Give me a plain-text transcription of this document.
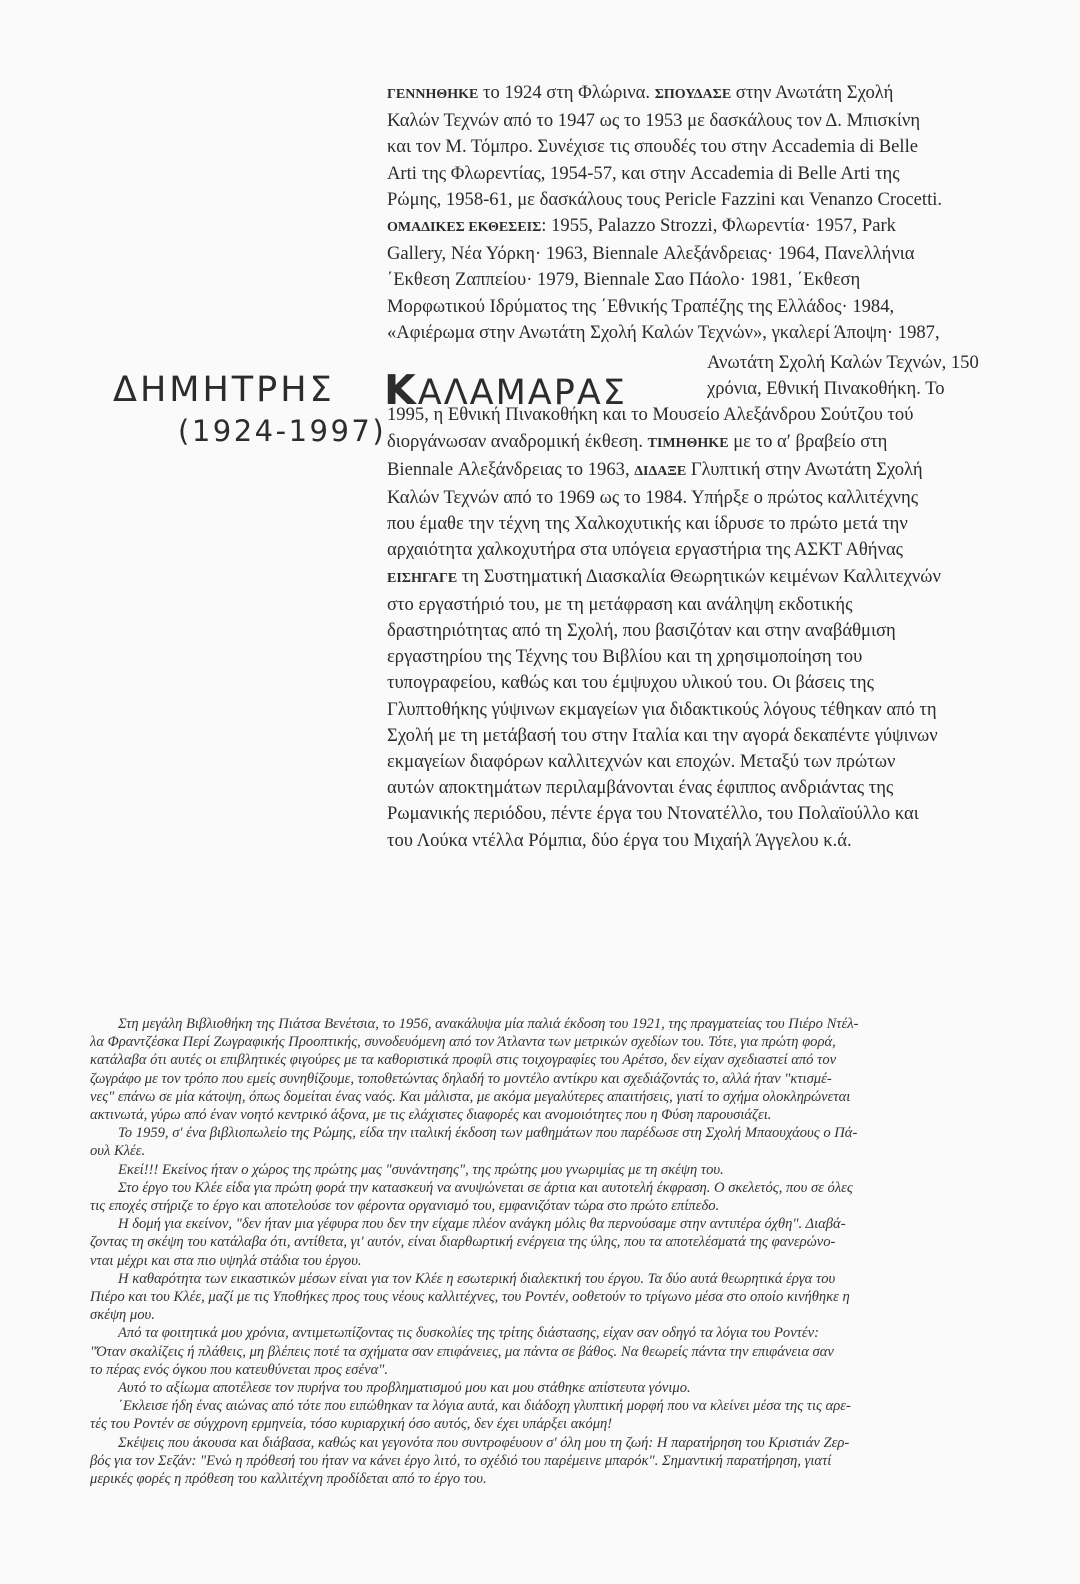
ΔΗΜΗΤΡΗΣ ΚΑΛΑΜΑΡΑΣ
(1924-1997)
ΓΕΝΝΗΘΗΚΕ το 1924 στη Φλώρινα. ΣΠΟΥΔΑΣΕ στην Ανωτάτη Σχολή
Καλών Τεχνών από το 1947 ως το 1953 με δασκάλους τον Δ. Μπισκίνη
και τον Μ. Τόμπρο. Συνέχισε τις σπουδές του στην Accademia di Belle
Arti της Φλωρεντίας, 1954-57, και στην Accademia di Belle Arti της
Ρώμης, 1958-61, με δασκάλους τους Pericle Fazzini και Venanzo Crocetti.
ΟΜΑΔΙΚΕΣ ΕΚΘΕΣΕΙΣ: 1955, Palazzo Strozzi, Φλωρεντία· 1957, Park
Gallery, Νέα Υόρκη· 1963, Biennale Αλεξάνδρειας· 1964, Πανελλήνια
΄Εκθεση Ζαππείου· 1979, Biennale Σαο Πάολο· 1981, ΄Εκθεση
Μορφωτικού Ιδρύματος της ΄Εθνικής Τραπέζης της Ελλάδος· 1984,
«Αφιέρωμα στην Ανωτάτη Σχολή Καλών Τεχνών», γκαλερί Άποψη· 1987,
Ανωτάτη Σχολή Καλών Τεχνών, 150
χρόνια, Εθνική Πινακοθήκη. Το
1995, η Εθνική Πινακοθήκη και το Μουσείο Αλεξάνδρου Σούτζου τού
διοργάνωσαν αναδρομική έκθεση. ΤΙΜΗΘΗΚΕ με το α′ βραβείο στη
Biennale Αλεξάνδρειας το 1963, ΔΙΔΑΞΕ Γλυπτική στην Ανωτάτη Σχολή
Καλών Τεχνών από το 1969 ως το 1984. Υπήρξε ο πρώτος καλλιτέχνης
που έμαθε την τέχνη της Χαλκοχυτικής και ίδρυσε το πρώτο μετά την
αρχαιότητα χαλκοχυτήρα στα υπόγεια εργαστήρια της ΑΣΚΤ Αθήνας
ΕΙΣΗΓΑΓΕ τη Συστηματική Διασκαλία Θεωρητικών κειμένων Καλλιτεχνών
στο εργαστήριό του, με τη μετάφραση και ανάληψη εκδοτικής
δραστηριότητας από τη Σχολή, που βασιζόταν και στην αναβάθμιση
εργαστηρίου της Τέχνης του Βιβλίου και τη χρησιμοποίηση του
τυπογραφείου, καθώς και του έμψυχου υλικού του. Οι βάσεις της
Γλυπτοθήκης γύψινων εκμαγείων για διδακτικούς λόγους τέθηκαν από τη
Σχολή με τη μετάβασή του στην Ιταλία και την αγορά δεκαπέντε γύψινων
εκμαγείων διαφόρων καλλιτεχνών και εποχών. Μεταξύ των πρώτων
αυτών αποκτημάτων περιλαμβάνονται ένας έφιππος ανδριάντας της
Ρωμανικής περιόδου, πέντε έργα του Ντονατέλλο, του Πολαϊούλλο και
του Λούκα ντέλλα Ρόμπια, δύο έργα του Μιχαήλ Άγγελου κ.ά.
Στη μεγάλη Βιβλιοθήκη της Πιάτσα Βενέτσια, το 1956, ανακάλυψα μία παλιά έκδοση του 1921, της πραγματείας του Πιέρο Ντέλ-
λα Φραντζέσκα Περί Ζωγραφικής Προοπτικής, συνοδευόμενη από τον Άτλαντα των μετρικών σχεδίων του. Τότε, για πρώτη φορά,
κατάλαβα ότι αυτές οι επιβλητικές φιγούρες με τα καθοριστικά προφίλ στις τοιχογραφίες του Αρέτσο, δεν είχαν σχεδιαστεί από τον
ζωγράφο με τον τρόπο που εμείς συνηθίζουμε, τοποθετώντας δηλαδή το μοντέλο αντίκρυ και σχεδιάζοντάς το, αλλά ήταν "κτισμέ-
νες" επάνω σε μία κάτοψη, όπως δομείται ένας ναός. Και μάλιστα, με ακόμα μεγαλύτερες απαιτήσεις, γιατί το σχήμα ολοκληρώνεται
ακτινωτά, γύρω από έναν νοητό κεντρικό άξονα, με τις ελάχιστες διαφορές και ανομοιότητες που η Φύση παρουσιάζει.
Το 1959, σ' ένα βιβλιοπωλείο της Ρώμης, είδα την ιταλική έκδοση των μαθημάτων που παρέδωσε στη Σχολή Μπαουχάους ο Πά-
ουλ Κλέε.
Εκεί!!! Εκείνος ήταν ο χώρος της πρώτης μας "συνάντησης", της πρώτης μου γνωριμίας με τη σκέψη του.
Στο έργο του Κλέε είδα για πρώτη φορά την κατασκευή να ανυψώνεται σε άρτια και αυτοτελή έκφραση. Ο σκελετός, που σε όλες
τις εποχές στήριζε το έργο και αποτελούσε τον φέροντα οργανισμό του, εμφανιζόταν τώρα στο πρώτο επίπεδο.
Η δομή για εκείνον, "δεν ήταν μια γέφυρα που δεν την είχαμε πλέον ανάγκη μόλις θα περνούσαμε στην αντιπέρα όχθη". Διαβά-
ζοντας τη σκέψη του κατάλαβα ότι, αντίθετα, γι' αυτόν, είναι διαρθωρτική ενέργεια της ύλης, που τα αποτελέσματά της φανερώνο-
νται μέχρι και στα πιο υψηλά στάδια του έργου.
Η καθαρότητα των εικαστικών μέσων είναι για τον Κλέε η εσωτερική διαλεκτική του έργου. Τα δύο αυτά θεωρητικά έργα του
Πιέρο και του Κλέε, μαζί με τις Υποθήκες προς τους νέους καλλιτέχνες, του Ροντέν, οοθετούν το τρίγωνο μέσα στο οποίο κινήθηκε η
σκέψη μου.
Από τα φοιτητικά μου χρόνια, αντιμετωπίζοντας τις δυσκολίες της τρίτης διάστασης, είχαν σαν οδηγό τα λόγια του Ροντέν:
"Όταν σκαλίζεις ή πλάθεις, μη βλέπεις ποτέ τα σχήματα σαν επιφάνειες, μα πάντα σε βάθος. Να θεωρείς πάντα την επιφάνεια σαν
το πέρας ενός όγκου που κατευθύνεται προς εσένα".
Αυτό το αξίωμα αποτέλεσε τον πυρήνα του προβληματισμού μου και μου στάθηκε απίστευτα γόνιμο.
΄Εκλεισε ήδη ένας αιώνας από τότε που ειπώθηκαν τα λόγια αυτά, και διάδοχη γλυπτική μορφή που να κλείνει μέσα της τις αρε-
τές του Ροντέν σε σύγχρονη ερμηνεία, τόσο κυριαρχική όσο αυτός, δεν έχει υπάρξει ακόμη!
Σκέψεις που άκουσα και διάβασα, καθώς και γεγονότα που συντροφέυουν σ' όλη μου τη ζωή: Η παρατήρηση του Κριστιάν Ζερ-
βός για τον Σεζάν: "Ενώ η πρόθεσή του ήταν να κάνει έργο λιτό, το σχέδιό του παρέμεινε μπαρόκ". Σημαντική παρατήρηση, γιατί
μερικές φορές η πρόθεση του καλλιτέχνη προδίδεται από το έργο του.
